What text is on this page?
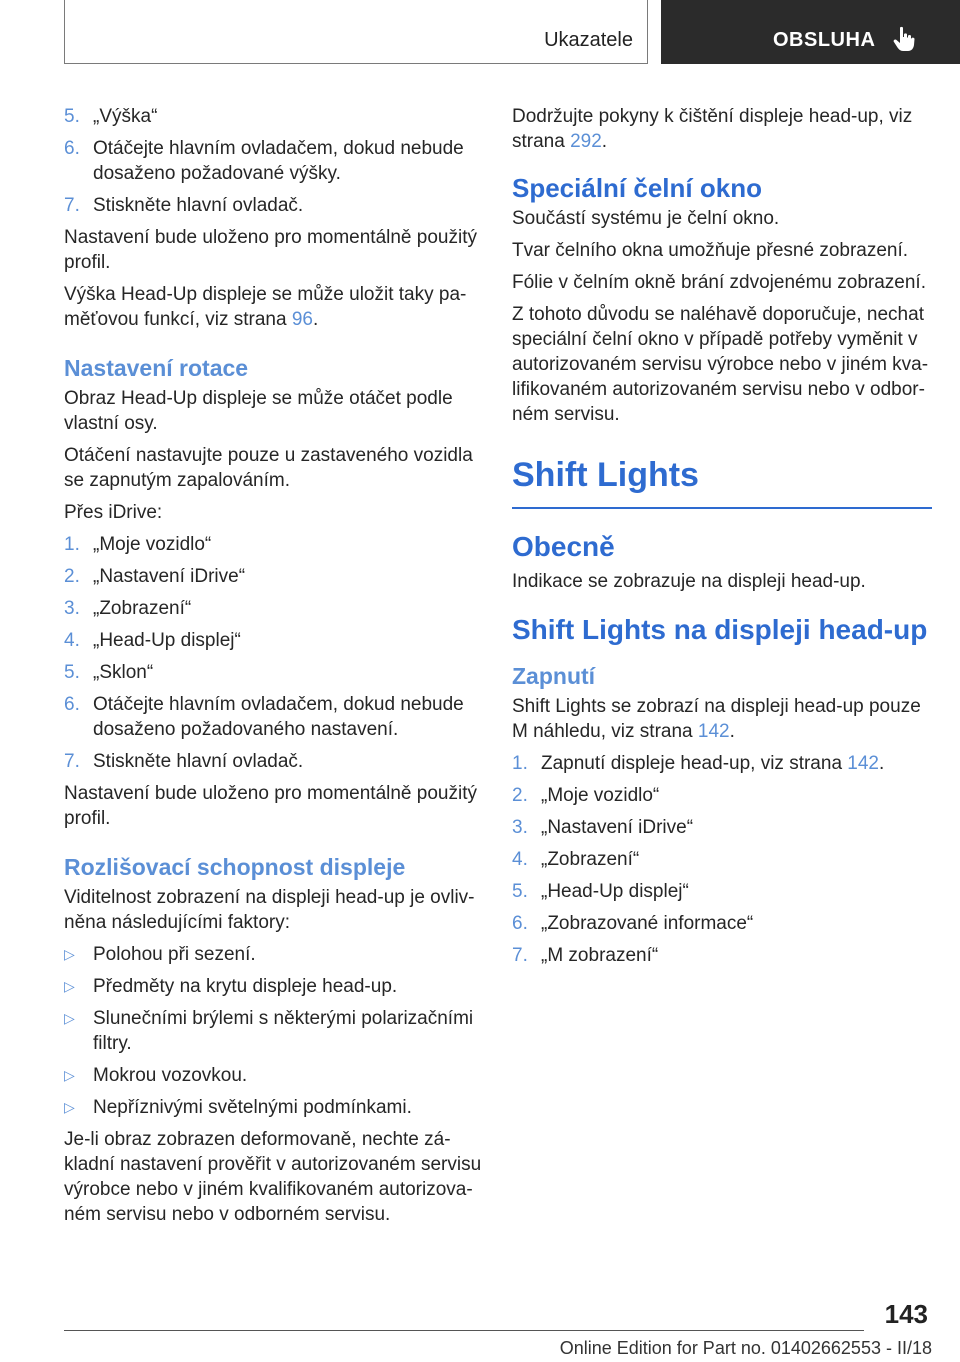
Ukazatele	OBSLUHA
5. „Výška“
6. Otáčejte hlavním ovladačem, dokud nebude dosaženo požadované výšky.
7. Stiskněte hlavní ovladač.

Nastavení bude uloženo pro momentálně použitý profil.

Výška Head-Up displeje se může uložit taky pa‐měťovou funkcí, viz strana 96.

Nastavení rotace

Obraz Head-Up displeje se může otáčet podle vlastní osy.

Otáčení nastavujte pouze u zastaveného vozidla se zapnutým zapalováním.

Přes iDrive:

1. „Moje vozidlo“
2. „Nastavení iDrive“
3. „Zobrazení“
4. „Head-Up displej“
5. „Sklon“
6. Otáčejte hlavním ovladačem, dokud nebude dosaženo požadovaného nastavení.
7. Stiskněte hlavní ovladač.

Nastavení bude uloženo pro momentálně použitý profil.

Rozlišovací schopnost displeje

Viditelnost zobrazení na displeji head-up je ovliv‐něna následujícími faktory:

▷ Polohou při sezení.
▷ Předměty na krytu displeje head-up.
▷ Slunečními brýlemi s některými polarizačními filtry.
▷ Mokrou vozovkou.
▷ Nepříznivými světelnými podmínkami.

Je-li obraz zobrazen deformovaně, nechte zá‐kladní nastavení prověřit v autorizovaném servisu výrobce nebo v jiném kvalifikovaném autorizova‐ném servisu nebo v odborném servisu.

Dodržujte pokyny k čištění displeje head-up, viz strana 292.

Speciální čelní okno

Součástí systému je čelní okno.

Tvar čelního okna umožňuje přesné zobrazení.

Fólie v čelním okně brání zdvojenému zobrazení.

Z tohoto důvodu se naléhavě doporučuje, nechat speciální čelní okno v případě potřeby vyměnit v autorizovaném servisu výrobce nebo v jiném kva‐lifikovaném autorizovaném servisu nebo v odbor‐ném servisu.

Shift Lights
Obecně

Indikace se zobrazuje na displeji head-up.

Shift Lights na displeji head-up
Zapnutí

Shift Lights se zobrazí na displeji head-up pouze M náhledu, viz strana 142.

1. Zapnutí displeje head-up, viz strana 142.
2. „Moje vozidlo“
3. „Nastavení iDrive“
4. „Zobrazení“
5. „Head-Up displej“
6. „Zobrazované informace“
7. „M zobrazení“
143
Online Edition for Part no. 01402662553 - II/18
